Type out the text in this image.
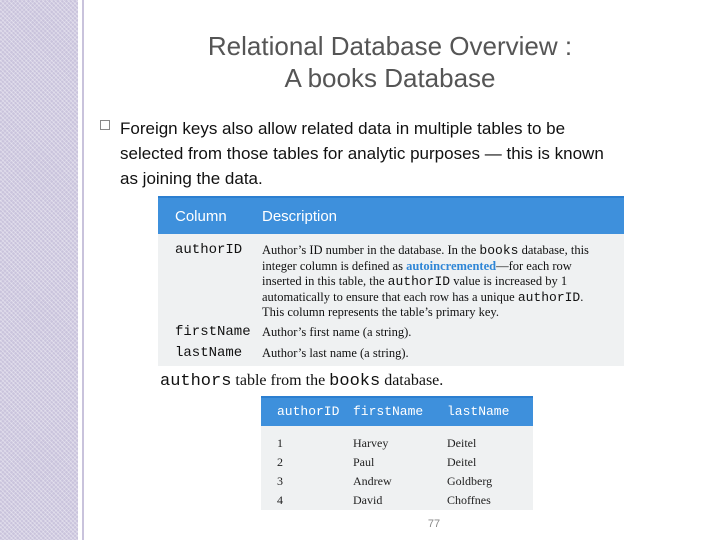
Relational Database Overview :
A books Database
Foreign keys also allow related data in multiple tables to be
selected from those tables for analytic purposes — this is known
as joining the data.
Column Description
authorID Author’s ID number in the database. In the books database, this
integer column is defined as autoincremented—for each row
inserted in this table, the authorID value is increased by 1
automatically to ensure that each row has a unique authorID.
This column represents the table’s primary key.
firstName Author’s first name (a string).
lastName Author’s last name (a string).
authors table from the books database.
authorID firstName lastName
1	Harvey	Deitel
2	Paul	Deitel
3	Andrew	Goldberg
4	David	Choffnes
77
